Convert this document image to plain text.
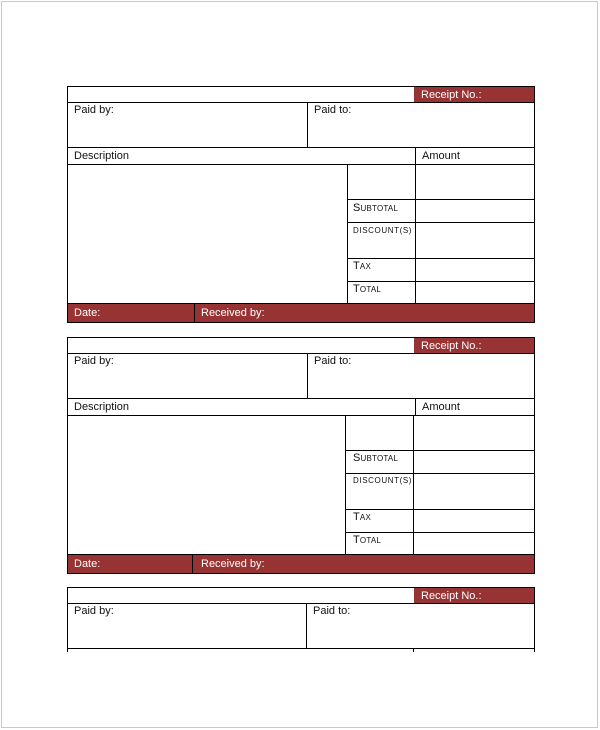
Receipt No.:
Paid by:	Paid to:
Description	Amount
SUBTOTAL
DISCOUNT(S)
TAX
TOTAL
Date:	Received by:
Receipt No.:
Paid by:	Paid to:
Description	Amount
SUBTOTAL
DISCOUNT(S)
TAX
TOTAL
Date:	Received by:
Receipt No.:
Paid by:	Paid to:
